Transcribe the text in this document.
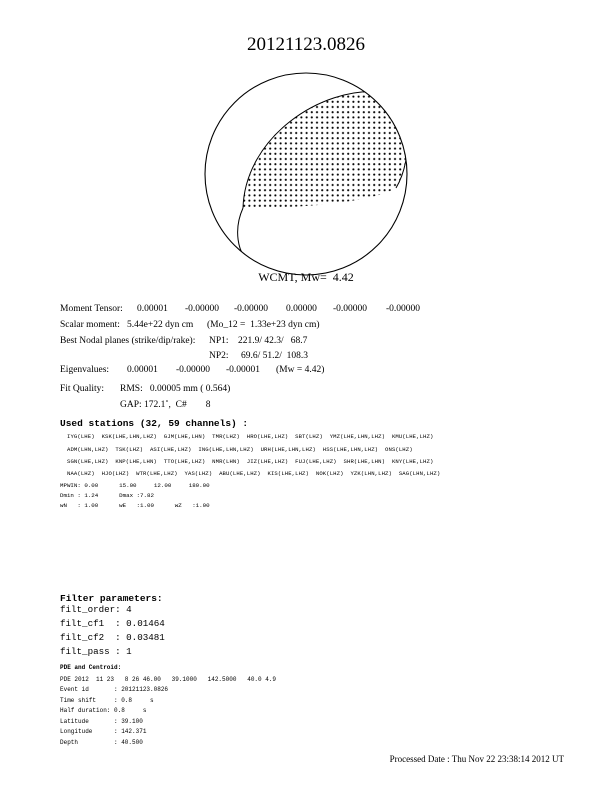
20121123.0826
WCMT, Mw=  4.42
Moment Tensor: 0.00001 -0.00000 -0.00000 0.00000 -0.00000 -0.00000
Scalar moment: 5.44e+22 dyn cm (Mo_12 =  1.33e+23 dyn cm)
Best Nodal planes (strike/dip/rake): NP1: 221.9/ 42.3/   68.7
NP2: 69.6/ 51.2/  108.3
Eigenvalues: 0.00001 -0.00000 -0.00001 (Mw = 4.42)
Fit Quality: RMS:   0.00005 mm ( 0.564)
GAP: 172.1˚,  C#        8
Used stations (32, 59 channels) :
IYG(LHE)  KSK(LHE,LHN,LHZ)  GJM(LHE,LHN)  TMR(LHZ)  HRO(LHE,LHZ)  SBT(LHZ)  YMZ(LHE,LHN,LHZ)  KMU(LHE,LHZ)
ADM(LHN,LHZ)  TSK(LHZ)  ASI(LHE,LHZ)  ING(LHE,LHN,LHZ)  URH(LHE,LHN,LHZ)  HSS(LHE,LHN,LHZ)  ONS(LHZ)
SGN(LHE,LHZ)  KNP(LHE,LHN)  TTO(LHE,LHZ)  NMR(LHN)  JIZ(LHE,LHZ)  FUJ(LHE,LHZ)  SHR(LHE,LHN)  KNY(LHE,LHZ)
NAA(LHZ)  HJO(LHZ)  WTR(LHE,LHZ)  YAS(LHZ)  ABU(LHE,LHZ)  KIS(LHE,LHZ)  NOK(LHZ)  YZK(LHN,LHZ)  SAG(LHN,LHZ)
MPWIN: 0.00      15.00     12.00     180.00
Dmin : 1.24      Dmax :7.82
wN   : 1.00      wE   :1.00      wZ   :1.00
Filter parameters:
filt_order: 4
filt_cf1  : 0.01464
filt_cf2  : 0.03481
filt_pass : 1
PDE and Centroid:
PDE 2012  11 23   8 26 46.00   39.1000   142.5000   40.0 4.9
Event id       : 20121123.0826
Time shift     : 0.8     s
Half duration: 0.8     s
Latitude       : 39.100
Longitude      : 142.371
Depth          : 40.500
Processed Date : Thu Nov 22 23:38:14 2012 UT
